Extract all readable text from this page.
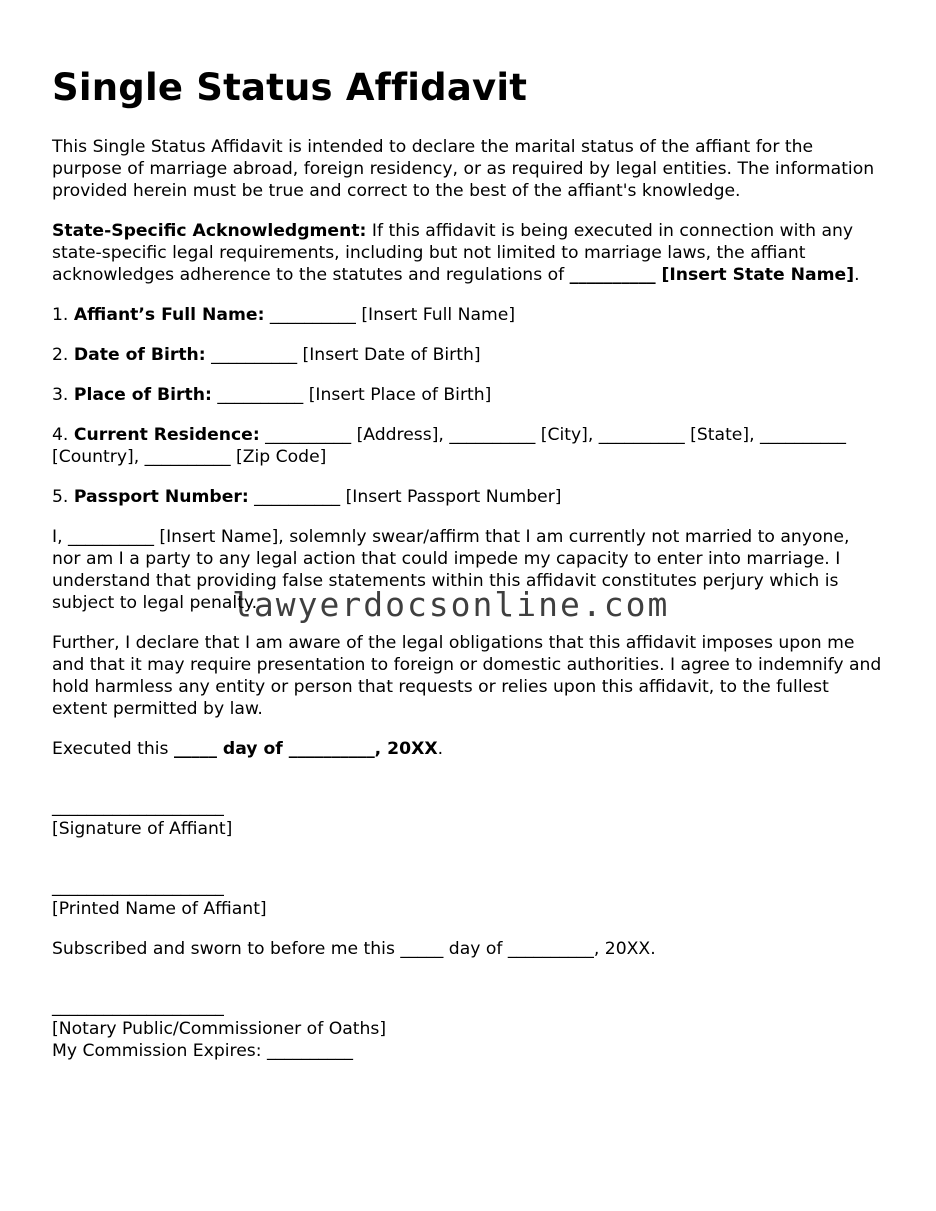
Single Status Affidavit

This Single Status Affidavit is intended to declare the marital status of the affiant for the purpose of marriage abroad, foreign residency, or as required by legal entities. The information provided herein must be true and correct to the best of the affiant's knowledge.

State-Specific Acknowledgment: If this affidavit is being executed in connection with any state-specific legal requirements, including but not limited to marriage laws, the affiant acknowledges adherence to the statutes and regulations of __________ [Insert State Name].

1. Affiant’s Full Name: __________ [Insert Full Name]

2. Date of Birth: __________ [Insert Date of Birth]

3. Place of Birth: __________ [Insert Place of Birth]

4. Current Residence: __________ [Address], __________ [City], __________ [State], __________ [Country], __________ [Zip Code]

5. Passport Number: __________ [Insert Passport Number]

I, __________ [Insert Name], solemnly swear/affirm that I am currently not married to anyone, nor am I a party to any legal action that could impede my capacity to enter into marriage. I understand that providing false statements within this affidavit constitutes perjury which is subject to legal penalty.

Further, I declare that I am aware of the legal obligations that this affidavit imposes upon me and that it may require presentation to foreign or domestic authorities. I agree to indemnify and hold harmless any entity or person that requests or relies upon this affidavit, to the fullest extent permitted by law.

Executed this _____ day of __________, 20XX.

____________________

[Signature of Affiant]

____________________

[Printed Name of Affiant]

Subscribed and sworn to before me this _____ day of __________, 20XX.

____________________

[Notary Public/Commissioner of Oaths]

My Commission Expires: __________

lawyerdocsonline.com
